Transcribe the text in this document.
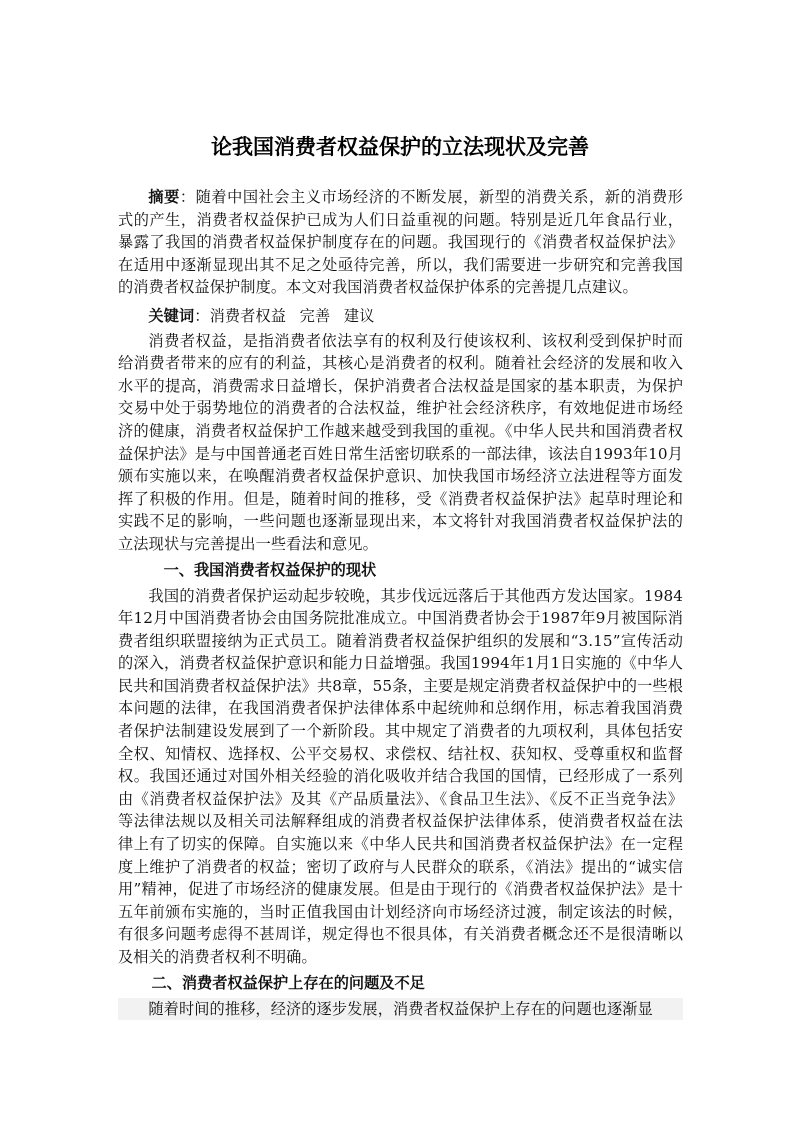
论我国消费者权益保护的立法现状及完善

摘要：随着中国社会主义市场经济的不断发展，新型的消费关系，新的消费形式的产生，消费者权益保护已成为人们日益重视的问题。特别是近几年食品行业，暴露了我国的消费者权益保护制度存在的问题。我国现行的《消费者权益保护法》在适用中逐渐显现出其不足之处亟待完善，所以，我们需要进一步研究和完善我国的消费者权益保护制度。本文对我国消费者权益保护体系的完善提几点建议。

关键词：消费者权益 完善 建议

消费者权益，是指消费者依法享有的权利及行使该权利、该权利受到保护时而给消费者带来的应有的利益，其核心是消费者的权利。随着社会经济的发展和收入水平的提高，消费需求日益增长，保护消费者合法权益是国家的基本职责，为保护交易中处于弱势地位的消费者的合法权益，维护社会经济秩序，有效地促进市场经济的健康，消费者权益保护工作越来越受到我国的重视。《中华人民共和国消费者权益保护法》是与中国普通老百姓日常生活密切联系的一部法律，该法自1993年10月颁布实施以来，在唤醒消费者权益保护意识、加快我国市场经济立法进程等方面发挥了积极的作用。但是，随着时间的推移，受《消费者权益保护法》起草时理论和实践不足的影响，一些问题也逐渐显现出来，本文将针对我国消费者权益保护法的立法现状与完善提出一些看法和意见。

一、我国消费者权益保护的现状

我国的消费者保护运动起步较晚，其步伐远远落后于其他西方发达国家。1984年12月中国消费者协会由国务院批准成立。中国消费者协会于1987年9月被国际消费者组织联盟接纳为正式员工。随着消费者权益保护组织的发展和“3.15”宣传活动的深入，消费者权益保护意识和能力日益增强。我国1994年1月1日实施的《中华人民共和国消费者权益保护法》共8章，55条，主要是规定消费者权益保护中的一些根本问题的法律，在我国消费者保护法律体系中起统帅和总纲作用，标志着我国消费者保护法制建设发展到了一个新阶段。其中规定了消费者的九项权利，具体包括安全权、知情权、选择权、公平交易权、求偿权、结社权、获知权、受尊重权和监督权。我国还通过对国外相关经验的消化吸收并结合我国的国情，已经形成了一系列由《消费者权益保护法》及其《产品质量法》、《食品卫生法》、《反不正当竞争法》等法律法规以及相关司法解释组成的消费者权益保护法律体系，使消费者权益在法律上有了切实的保障。自实施以来《中华人民共和国消费者权益保护法》在一定程度上维护了消费者的权益；密切了政府与人民群众的联系，《消法》提出的“诚实信用”精神，促进了市场经济的健康发展。但是由于现行的《消费者权益保护法》是十五年前颁布实施的，当时正值我国由计划经济向市场经济过渡，制定该法的时候，有很多问题考虑得不甚周详，规定得也不很具体，有关消费者概念还不是很清晰以及相关的消费者权利不明确。

二、消费者权益保护上存在的问题及不足

随着时间的推移，经济的逐步发展，消费者权益保护上存在的问题也逐渐显
